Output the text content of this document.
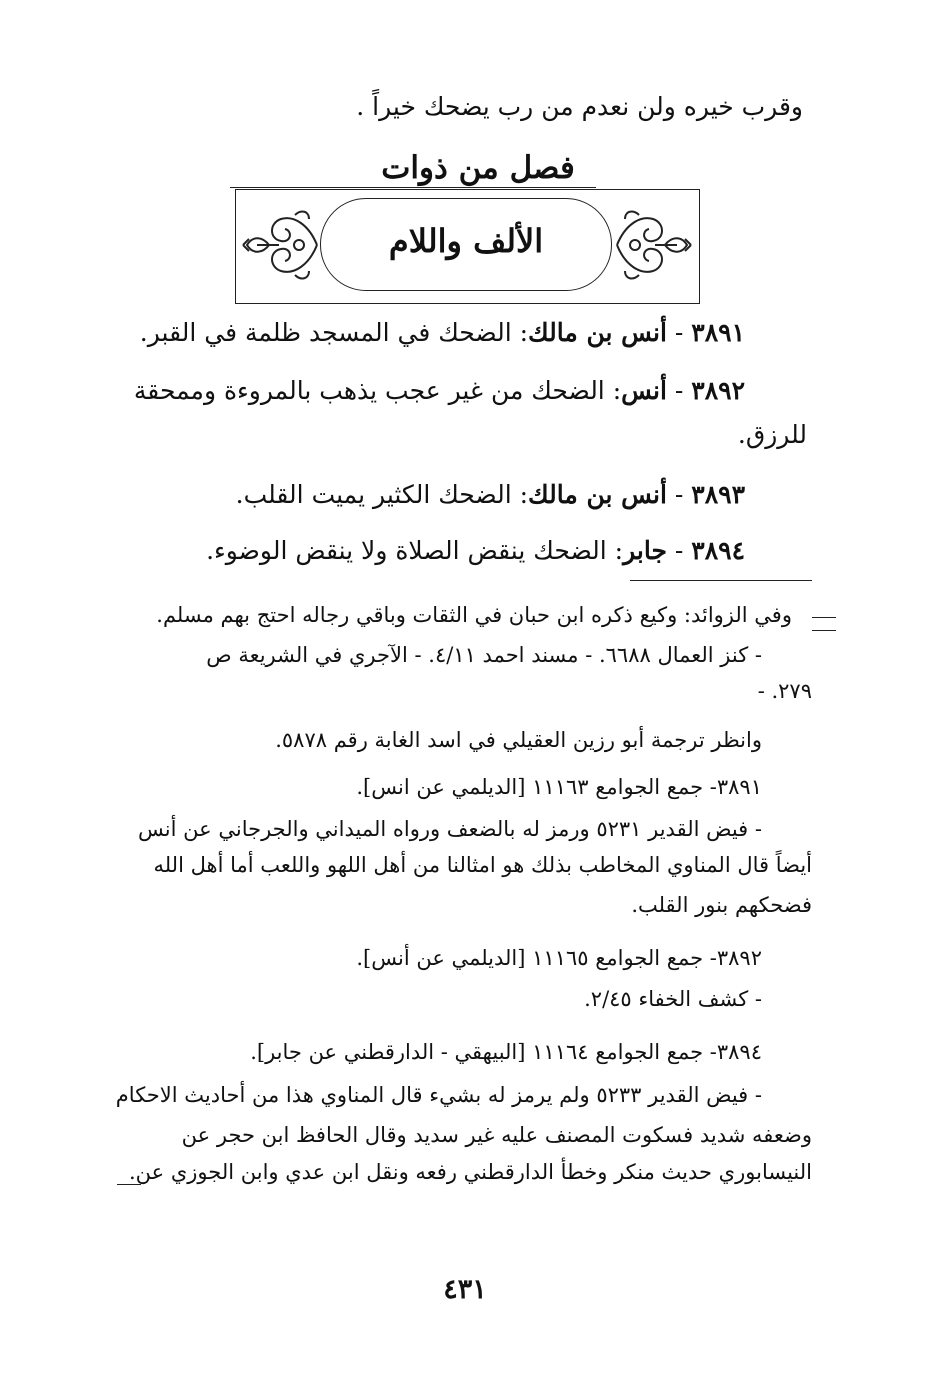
وقرب خيره ولن نعدم من رب يضحك خيراً .
فصل من ذوات
الألف واللام
٣٨٩١ - أنس بن مالك: الضحك في المسجد ظلمة في القبر.
٣٨٩٢ - أنس: الضحك من غير عجب يذهب بالمروءة وممحقة
للرزق.
٣٨٩٣ - أنس بن مالك: الضحك الكثير يميت القلب.
٣٨٩٤ - جابر: الضحك ينقض الصلاة ولا ينقض الوضوء.
وفي الزوائد: وكيع ذكره ابن حبان في الثقات وباقي رجاله احتج بهم مسلم.
- كنز العمال ٦٦٨٨. - مسند احمد ٤/١١. - الآجري في الشريعة ص
٢٧٩. -
وانظر ترجمة أبو رزين العقيلي في اسد الغابة رقم ٥٨٧٨.
٣٨٩١- جمع الجوامع ١١١٦٣ [الديلمي عن انس].
- فيض القدير ٥٢٣١ ورمز له بالضعف ورواه الميداني والجرجاني عن أنس
أيضاً قال المناوي المخاطب بذلك هو امثالنا من أهل اللهو واللعب أما أهل الله
فضحكهم بنور القلب.
٣٨٩٢- جمع الجوامع ١١١٦٥ [الديلمي عن أنس].
- كشف الخفاء ٢/٤٥.
٣٨٩٤- جمع الجوامع ١١١٦٤ [البيهقي - الدارقطني عن جابر].
- فيض القدير ٥٢٣٣ ولم يرمز له بشيء قال المناوي هذا من أحاديث الاحكام
وضعفه شديد فسكوت المصنف عليه غير سديد وقال الحافظ ابن حجر عن
النيسابوري حديث منكر وخطأ الدارقطني رفعه ونقل ابن عدي وابن الجوزي عن.
٤٣١
